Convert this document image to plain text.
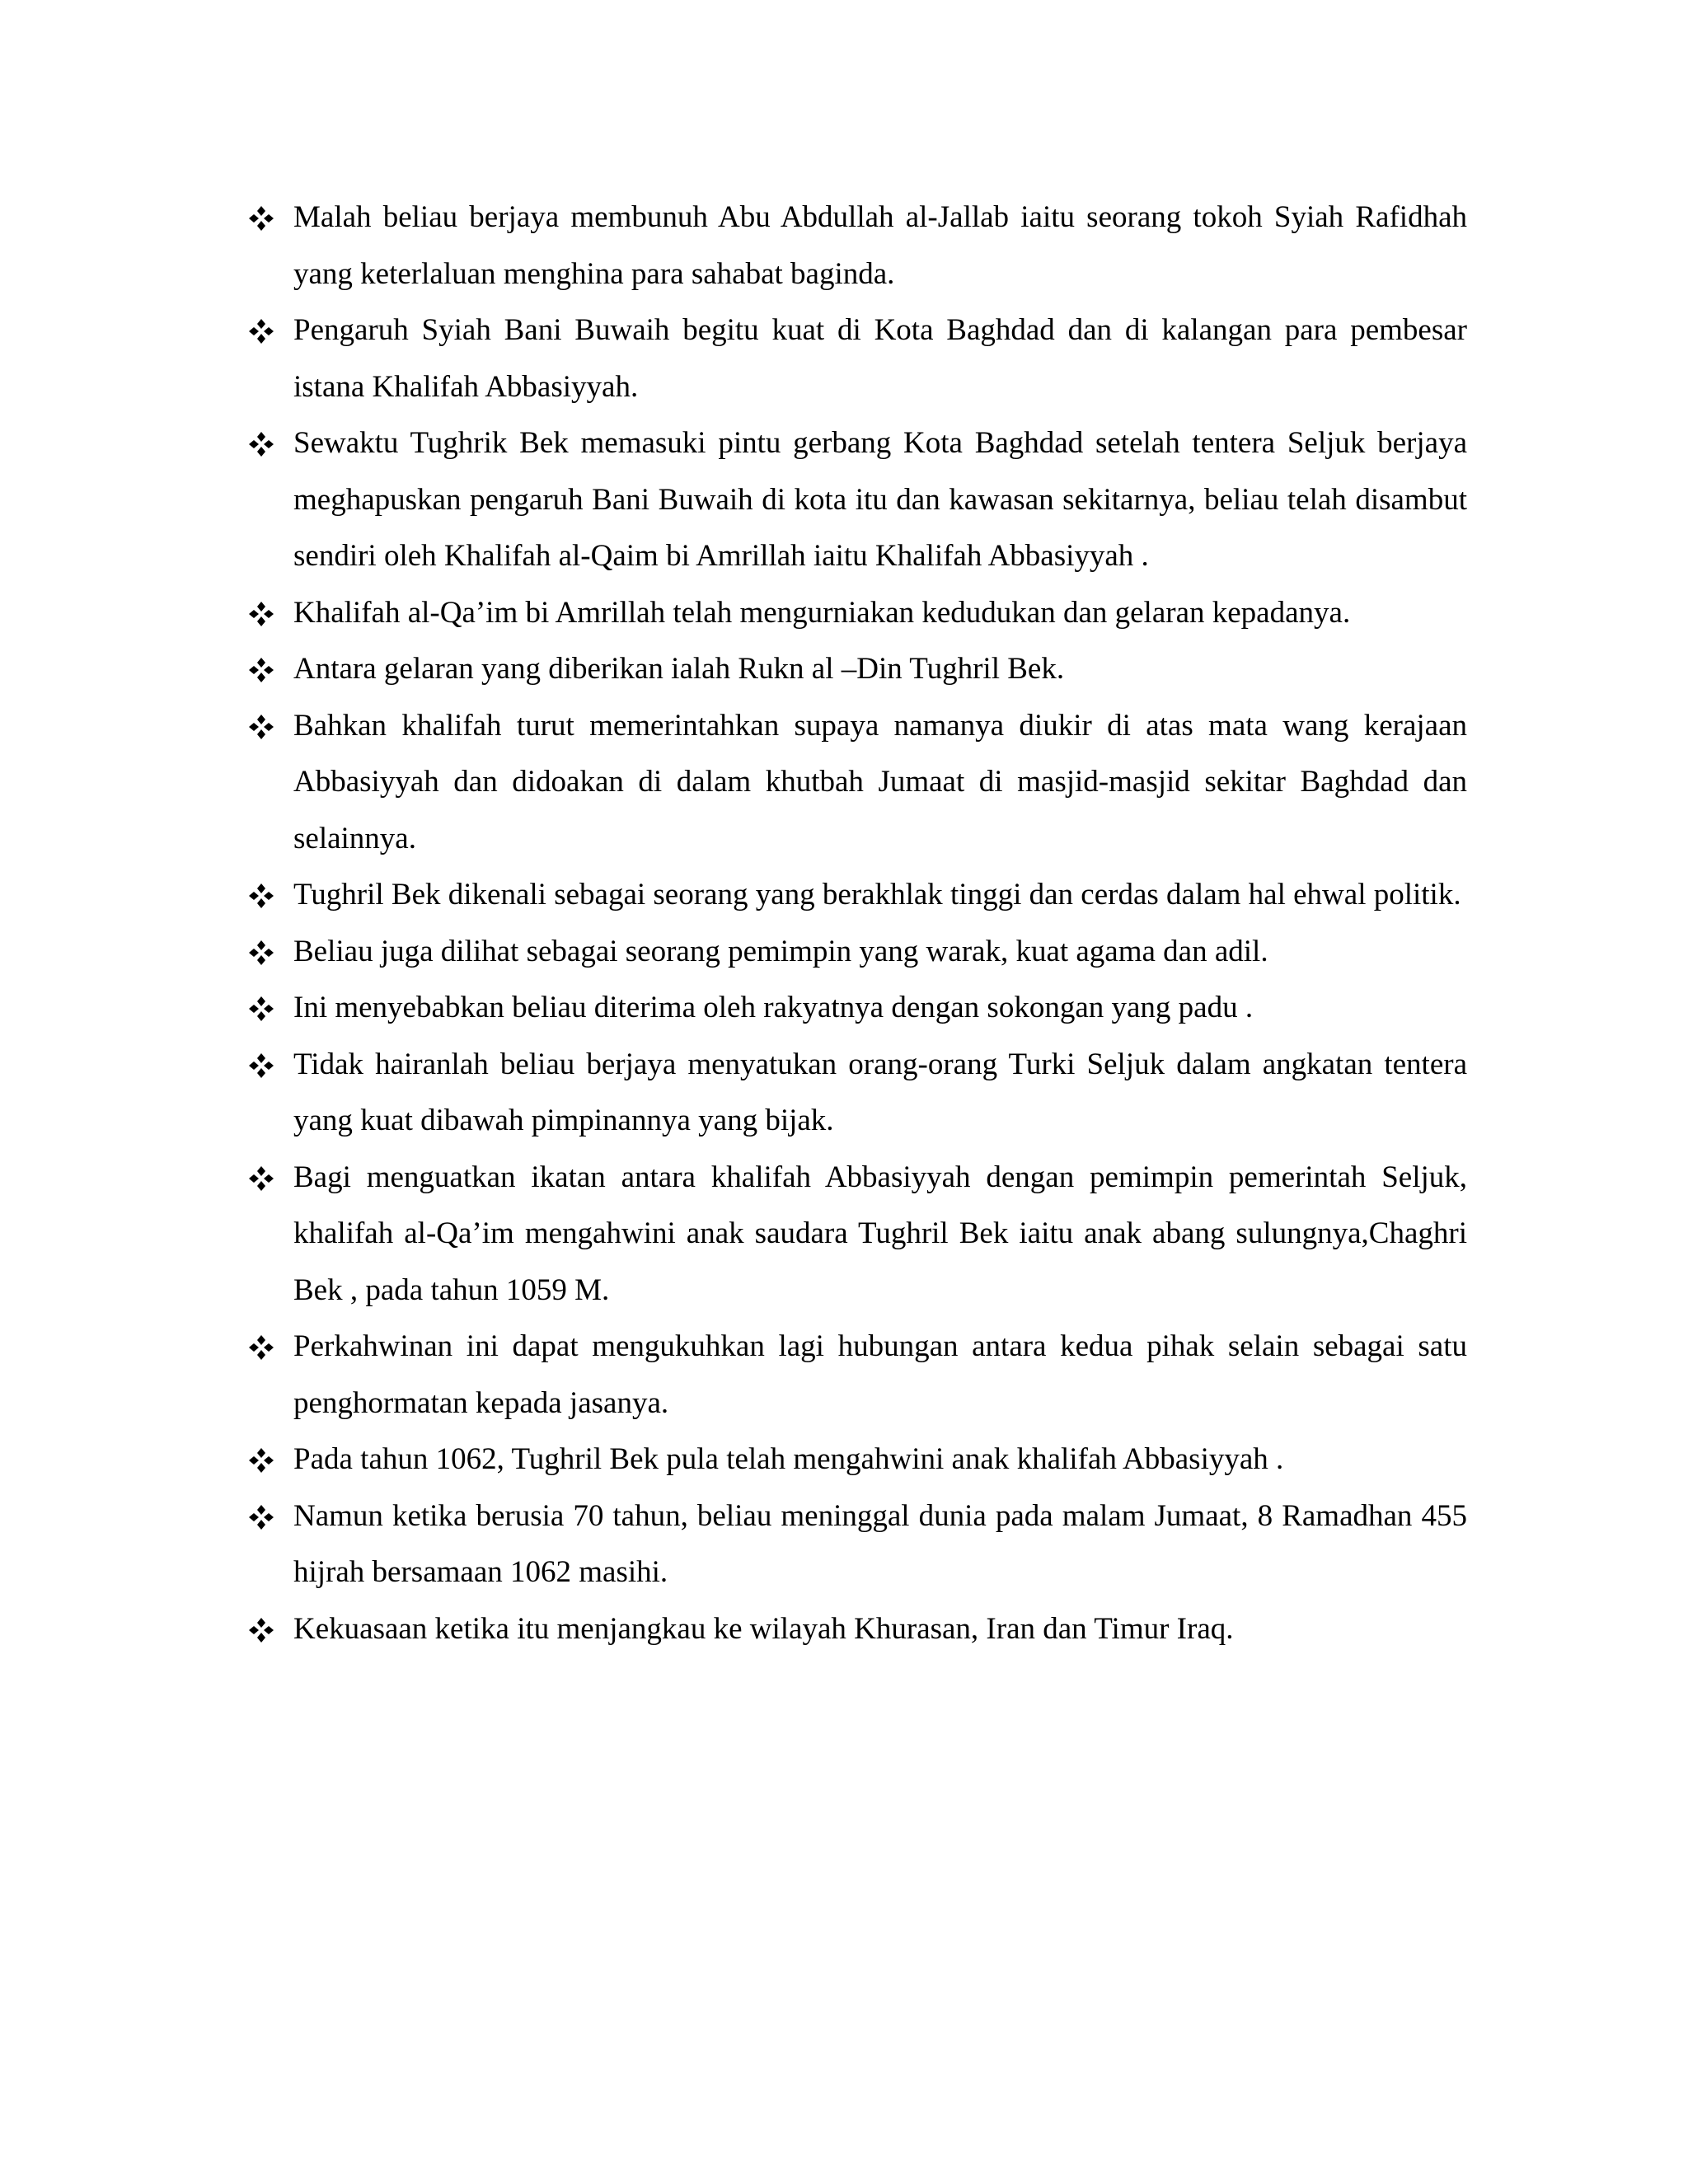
Malah beliau berjaya membunuh Abu Abdullah al-Jallab iaitu seorang tokoh Syiah Rafidhah yang keterlaluan menghina para sahabat baginda.
Pengaruh Syiah Bani Buwaih begitu kuat di Kota Baghdad dan di kalangan para pembesar istana Khalifah Abbasiyyah.
Sewaktu Tughrik Bek memasuki pintu gerbang Kota Baghdad setelah tentera Seljuk berjaya meghapuskan pengaruh Bani Buwaih di kota itu dan kawasan sekitarnya, beliau telah disambut sendiri oleh Khalifah al-Qaim bi Amrillah iaitu Khalifah Abbasiyyah .
Khalifah al-Qa’im bi Amrillah telah mengurniakan kedudukan dan gelaran kepadanya.
Antara gelaran yang diberikan ialah Rukn al –Din Tughril Bek.
Bahkan khalifah turut memerintahkan supaya namanya diukir di atas mata wang kerajaan Abbasiyyah dan didoakan di dalam khutbah Jumaat di masjid-masjid sekitar Baghdad dan selainnya.
Tughril Bek dikenali sebagai seorang yang berakhlak tinggi dan cerdas dalam hal ehwal politik.
Beliau juga dilihat sebagai seorang pemimpin yang warak, kuat agama dan adil.
Ini menyebabkan beliau diterima oleh rakyatnya dengan sokongan yang padu .
Tidak hairanlah beliau berjaya menyatukan orang-orang Turki Seljuk dalam angkatan tentera yang kuat dibawah pimpinannya yang bijak.
Bagi menguatkan ikatan antara khalifah Abbasiyyah dengan pemimpin pemerintah Seljuk, khalifah al-Qa’im mengahwini anak saudara Tughril Bek iaitu anak abang sulungnya,Chaghri Bek , pada tahun 1059 M.
Perkahwinan ini dapat mengukuhkan lagi hubungan antara kedua pihak selain sebagai satu penghormatan kepada jasanya.
Pada tahun 1062, Tughril Bek pula telah mengahwini anak khalifah Abbasiyyah .
Namun ketika berusia 70 tahun, beliau meninggal dunia pada malam Jumaat, 8 Ramadhan 455 hijrah bersamaan 1062 masihi.
Kekuasaan ketika itu menjangkau ke wilayah Khurasan, Iran dan Timur Iraq.
